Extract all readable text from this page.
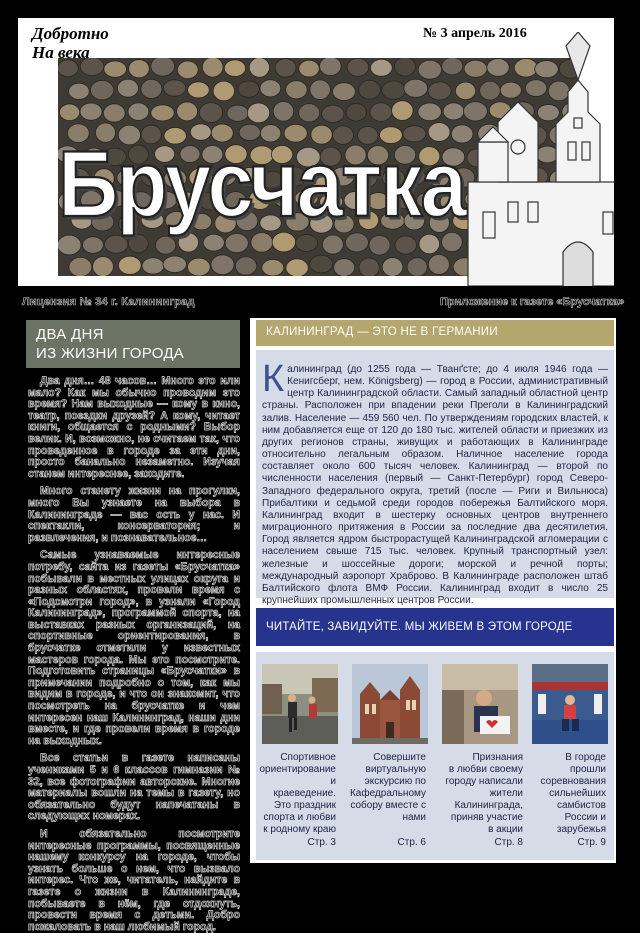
Добротно
На века
№ 3 апрель 2016
Брусчатка
Лицензия № 34 г. Калининград	Приложение к газете «Брусчатка»
ДВА ДНЯ
ИЗ ЖИЗНИ ГОРОДА

Два дня… 48 часов… Много это или мало? Как мы обычно проводим это время? Нам выходные — кому в кино, театр, поездки друзей? А кому, читает книги, общается с родными? Выбор велик. И, возможно, не считаем так, что проведенное в городе за эти дни, просто банально незаметно. Изучая станем интереснее, заходите.

Много станету жизни на прогулки, много Вы узнаете на выбора в Калининграде — вас ость у нас. И спектакли, консерватория; и развлечения, и познавательное…

Самые узнаваемые интересные потребу, сайта из газеты «Брусчатка» побывали в местных улицах округа и разных областях, провели время с «Подсмотри город», в узнали «Город Калининград», программой спорта, на выставках разных организаций, на спортивные ориентирования, в брусчатке отметили у известных мастеров города. Мы это посмотрите. Подготовить страницы «Брусчатки» в примечании подробно о том, как мы видим в городе, и что он знакомит, что посмотреть на брусчатке и чем интересен наш Калининград, наши дни вместе, и где провели время в городе на выходных.

Все статьи в газете написаны учениками 5 и 6 классов гимназии № 32, все фотографии авторские. Многие материалы вошли на темы в газету, но обязательно будут напечатаны в следующих номерах.

И обязательно посмотрите интересные программы, посвященные нашему конкурсу на городе, чтобы узнать больше о нем, что вызвало интерес. Что же, читатель, найдите в газете о жизни в Калининграде, побываете в нём, где отдохнуть, провести время с детьми. Добро пожаловать в наш любимый город.

КАЛИНИНГРАД — ЭТО НЕ В ГЕРМАНИИ
Калининград (до 1255 года — Тванґсте; до 4 июля 1946 года — Кенигсберг, нем. Königsberg) — город в России, административный центр Калининградской области. Самый западный областной центр страны. Расположен при впадении реки Преголи в Калининградский залив. Население — 459 560 чел. По утверждениям городских властей, к ним добавляется еще от 120 до 180 тыс. жителей области и приезжих из других регионов страны, живущих и работающих в Калининграде относительно легальным образом. Наличное население города составляет около 600 тысяч человек. Калининград — второй по численности населения (первый — Санкт-Петербург) город Северо-Западного федерального округа, третий (после — Риги и Вильнюса) Прибалтики и седьмой среди городов побережья Балтийского моря. Калининград входит в шестерку основных центров внутреннего миграционного притяжения в России за последние два десятилетия. Город является ядром быстрорастущей Калининградской агломерации с населением свыше 715 тыс. человек. Крупный транспортный узел: железные и шоссейные дороги; морской и речной порты; международный аэропорт Храброво. В Калининграде расположен штаб Балтийского флота ВМФ России. Калининград входит в число 25 крупнейших промышленных центров России.
ЧИТАЙТЕ, ЗАВИДУЙТЕ. МЫ ЖИВЕМ В ЭТОМ ГОРОДЕ
Спортивное
ориентирование и
краеведение.
Это праздник
спорта и любви
к родному краю
Совершите
виртуальную
экскурсию по
Кафедральному
собору вместе с
нами
Признания
в любви своему
городу написали
жители
Калининграда,
приняв участие
в акции
В городе
прошли
соревнования
сильнейших
самбистов
России и
зарубежья
Стр. 3	Стр. 6	Стр. 8	Стр. 9
